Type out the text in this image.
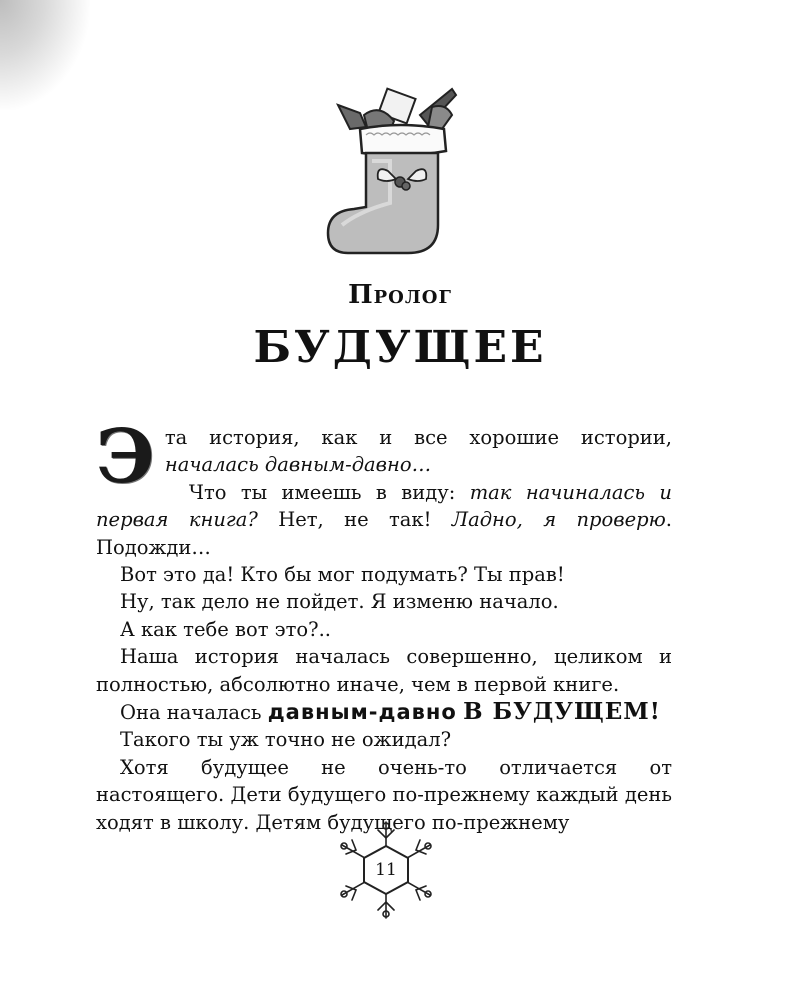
Пролог
БУДУЩЕЕ

Эта история, как и все хорошие истории, началась давным-давно…

Что ты имеешь в виду: так начиналась и первая книга? Нет, не так! Ладно, я проверю. Подожди…

Вот это да! Кто бы мог подумать? Ты прав!

Ну, так дело не пойдет. Я изменю начало.

А как тебе вот это?..

Наша история началась совершенно, целиком и полностью, абсолютно иначе, чем в первой книге.

Она началась давным-давно В БУДУЩЕМ!

Такого ты уж точно не ожидал?

Хотя будущее не очень-то отличается от настоящего. Дети будущего по-прежнему каждый день ходят в школу. Детям будущего по-прежнему

11
